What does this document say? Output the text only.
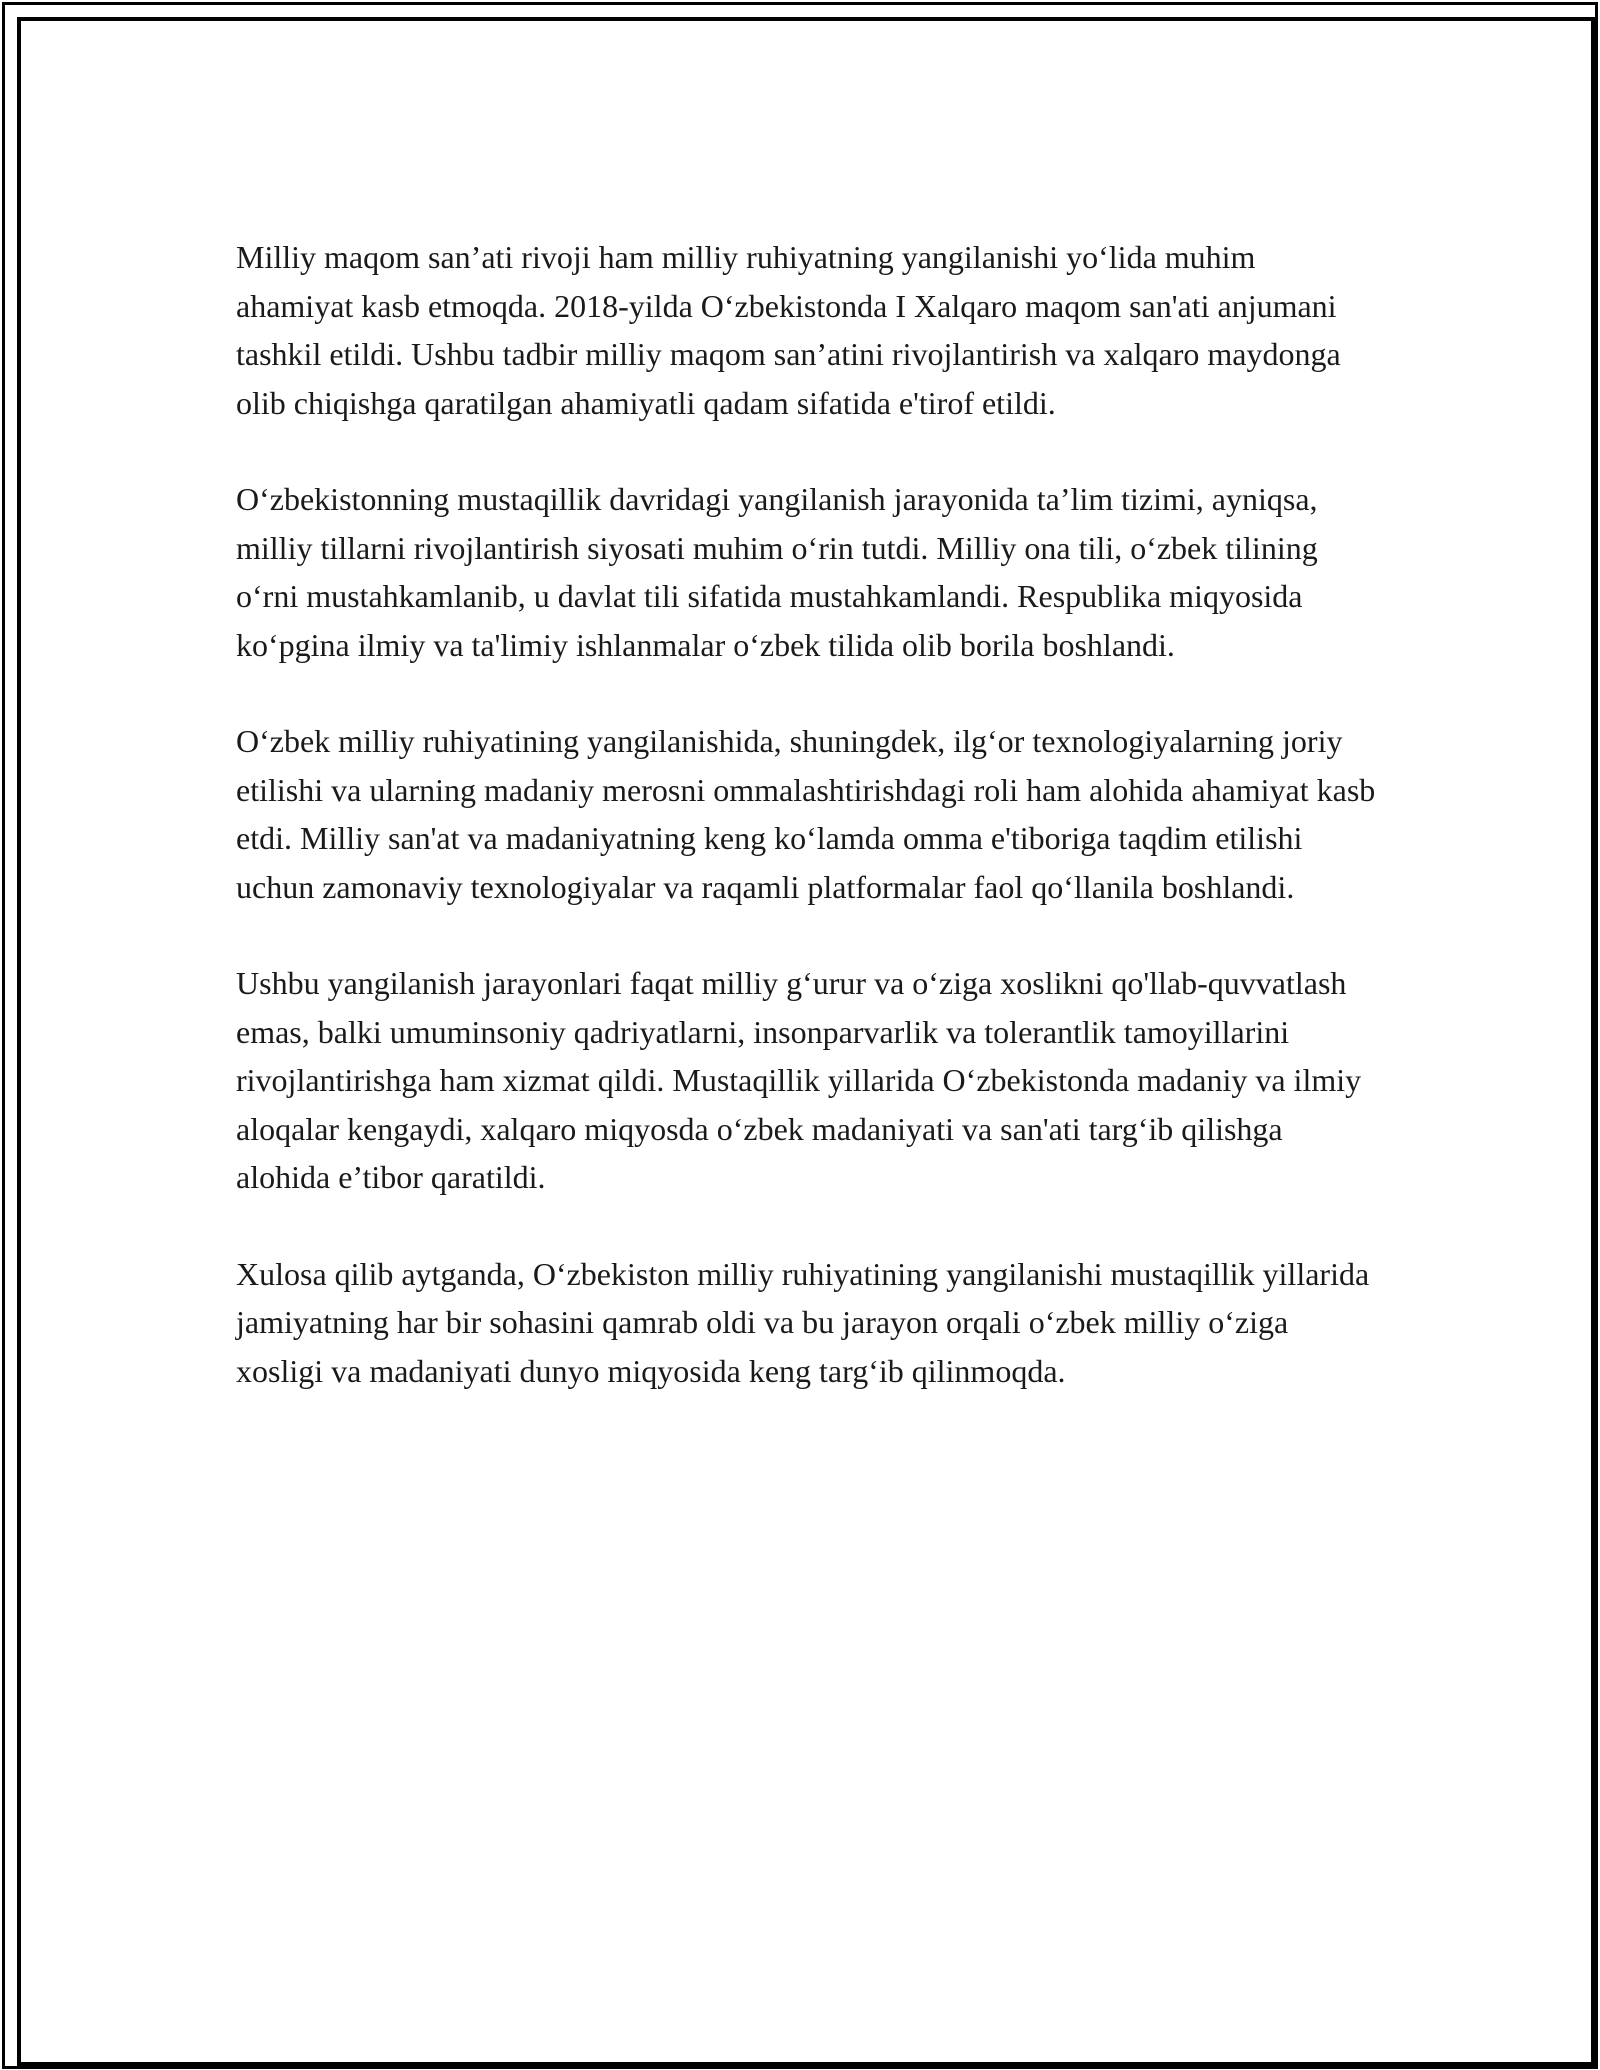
Milliy maqom san’ati rivoji ham milliy ruhiyatning yangilanishi yo‘lida muhim ahamiyat kasb etmoqda. 2018-yilda O‘zbekistonda I Xalqaro maqom san'ati anjumani tashkil etildi. Ushbu tadbir milliy maqom san’atini rivojlantirish va xalqaro maydonga olib chiqishga qaratilgan ahamiyatli qadam sifatida e'tirof etildi.

O‘zbekistonning mustaqillik davridagi yangilanish jarayonida ta’lim tizimi, ayniqsa, milliy tillarni rivojlantirish siyosati muhim o‘rin tutdi. Milliy ona tili, o‘zbek tilining o‘rni mustahkamlanib, u davlat tili sifatida mustahkamlandi. Respublika miqyosida ko‘pgina ilmiy va ta'limiy ishlanmalar o‘zbek tilida olib borila boshlandi.

O‘zbek milliy ruhiyatining yangilanishida, shuningdek, ilg‘or texnologiyalarning joriy etilishi va ularning madaniy merosni ommalashtirishdagi roli ham alohida ahamiyat kasb etdi. Milliy san'at va madaniyatning keng ko‘lamda omma e'tiboriga taqdim etilishi uchun zamonaviy texnologiyalar va raqamli platformalar faol qo‘llanila boshlandi.

Ushbu yangilanish jarayonlari faqat milliy g‘urur va o‘ziga xoslikni qo'llab-quvvatlash emas, balki umuminsoniy qadriyatlarni, insonparvarlik va tolerantlik tamoyillarini rivojlantirishga ham xizmat qildi. Mustaqillik yillarida O‘zbekistonda madaniy va ilmiy aloqalar kengaydi, xalqaro miqyosda o‘zbek madaniyati va san'ati targ‘ib qilishga alohida e’tibor qaratildi.

Xulosa qilib aytganda, O‘zbekiston milliy ruhiyatining yangilanishi mustaqillik yillarida jamiyatning har bir sohasini qamrab oldi va bu jarayon orqali o‘zbek milliy o‘ziga xosligi va madaniyati dunyo miqyosida keng targ‘ib qilinmoqda.
